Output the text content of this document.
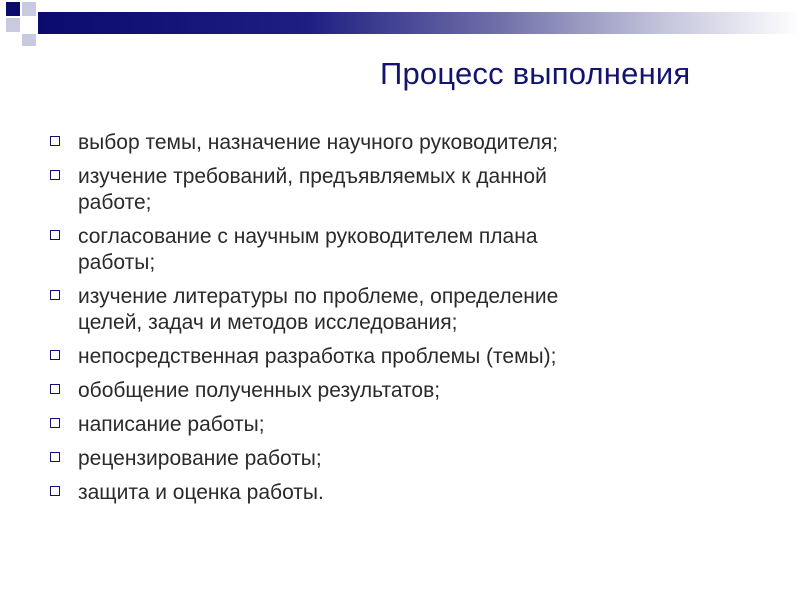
Процесс выполнения
выбор темы, назначение научного руководителя;
изучение требований, предъявляемых к данной
работе;
согласование с научным руководителем плана
работы;
изучение литературы по проблеме, определение
целей, задач и методов исследования;
непосредственная разработка проблемы (темы);
обобщение полученных результатов;
написание работы;
рецензирование работы;
защита и оценка работы.
